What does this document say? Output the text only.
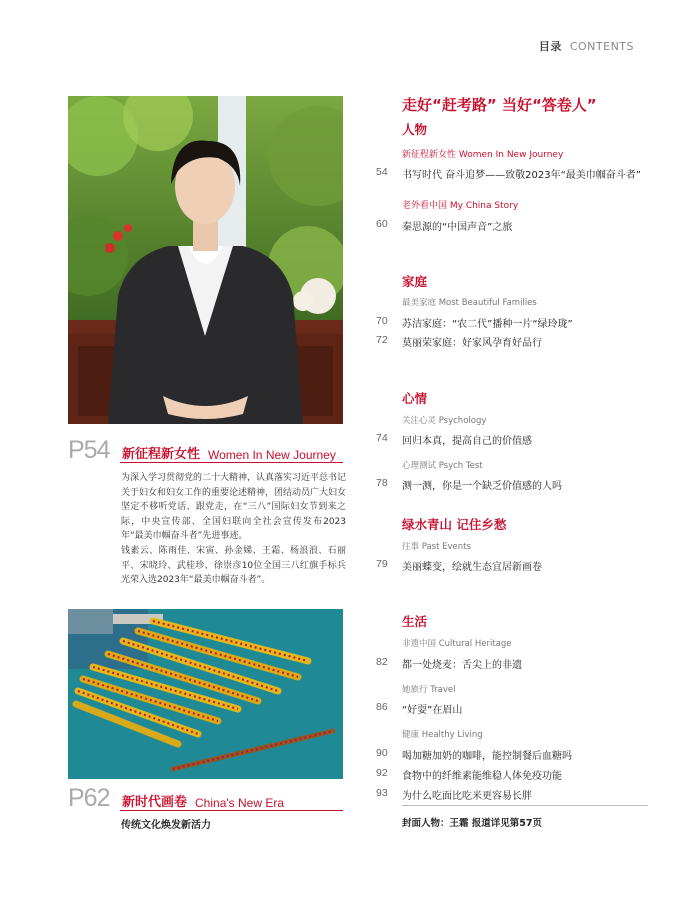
目录 CONTENTS
P54 新征程新女性 Women In New Journey

为深入学习贯彻党的二十大精神，认真落实习近平总书记关于妇女和妇女工作的重要论述精神，团结动员广大妇女坚定不移听党话、跟党走，在“三八”国际妇女节到来之际，中央宣传部、全国妇联向全社会宣传发布2023年“最美巾帼奋斗者”先进事迹。

钱素云、陈雨佳、宋寅、孙金娣、王霜、杨浪浪、石丽平、宋晓玲、武桂珍、徐崇彦10位全国三八红旗手标兵光荣入选2023年“最美巾帼奋斗者”。

P62 新时代画卷 China's New Era
传统文化焕发新活力
走好“赶考路” 当好“答卷人”
人物
新征程新女性 Women In New Journey
54	书写时代 奋斗追梦——致敬2023年“最美巾帼奋斗者”
老外看中国 My China Story
60	秦思源的“中国声音”之旅
家庭
最美家庭 Most Beautiful Families
70	苏洁家庭：“农二代”播种一片“绿玲珑”
72	莫丽荣家庭：好家风孕育好品行
心情
关注心灵 Psychology
74	回归本真，提高自己的价值感
心理测试 Psych Test
78	测一测，你是一个缺乏价值感的人吗
绿水青山 记住乡愁
往事 Past Events
79	美丽蝶变，绘就生态宜居新画卷
生活
非遗中国 Cultural Heritage
82	都一处烧麦：舌尖上的非遗
她旅行 Travel
86	“好耍”在眉山
健康 Healthy Living
90	喝加糖加奶的咖啡，能控制餐后血糖吗
92	食物中的纤维素能维稳人体免疫功能
93	为什么吃面比吃米更容易长胖
封面人物：王霜 报道详见第57页
